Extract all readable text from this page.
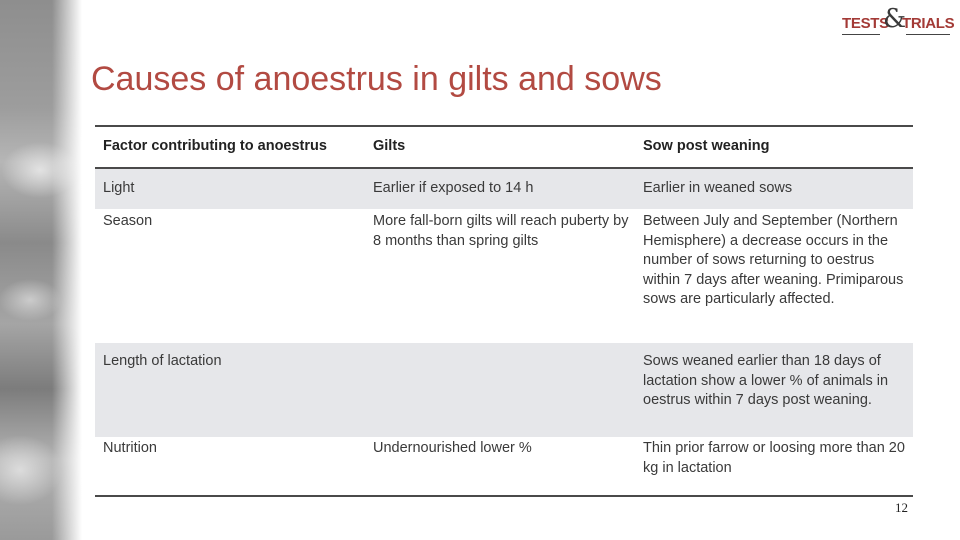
TESTS
&
TRIALS
Causes of anoestrus in gilts and sows
Factor contributing to anoestrus	Gilts	Sow post weaning
Light	Earlier if exposed to 14 h	Earlier in weaned sows
Season	More fall-born gilts will reach puberty by 8 months than spring gilts	Between July and September (Northern Hemisphere) a decrease occurs in the number of sows returning to oestrus within 7 days after weaning. Primiparous sows are particularly affected.
Length of lactation		Sows weaned earlier than 18 days of lactation show a lower % of animals in oestrus within 7 days post weaning.
Nutrition	Undernourished lower %	Thin prior farrow or loosing more than 20 kg in lactation
12
